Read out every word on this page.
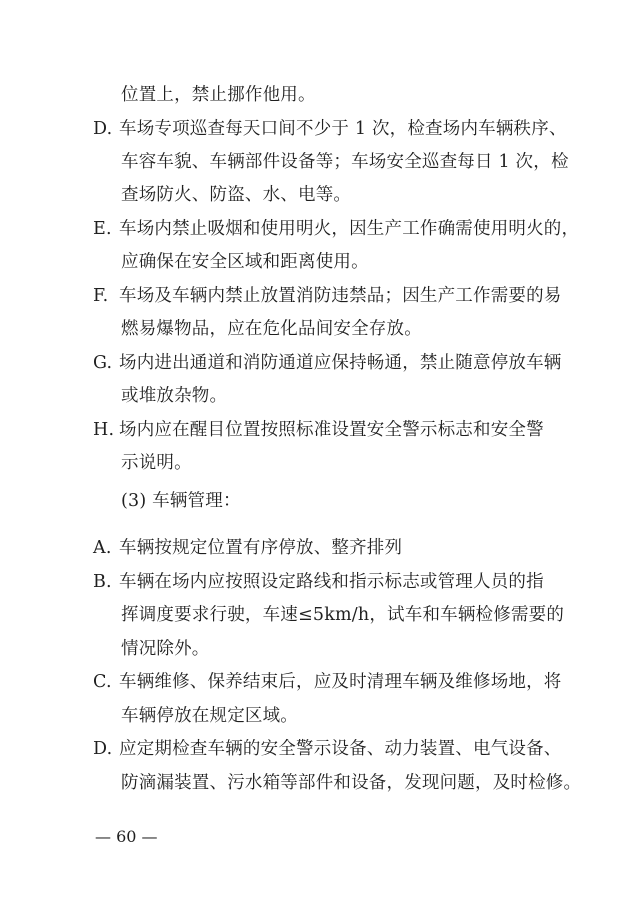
位置上，禁止挪作他用。
D. 车场专项巡查每天口间不少于 1 次，检查场内车辆秩序、
车容车貌、车辆部件设备等；车场安全巡查每日 1 次，检
查场防火、防盗、水、电等。
E. 车场内禁止吸烟和使用明火，因生产工作确需使用明火的，
应确保在安全区域和距离使用。
F. 车场及车辆内禁止放置消防违禁品；因生产工作需要的易
燃易爆物品，应在危化品间安全存放。
G. 场内进出通道和消防通道应保持畅通，禁止随意停放车辆
或堆放杂物。
H. 场内应在醒目位置按照标准设置安全警示标志和安全警
示说明。
(3) 车辆管理：
A. 车辆按规定位置有序停放、整齐排列
B. 车辆在场内应按照设定路线和指示标志或管理人员的指
挥调度要求行驶，车速≤5km/h，试车和车辆检修需要的
情况除外。
C. 车辆维修、保养结束后，应及时清理车辆及维修场地，将
车辆停放在规定区域。
D. 应定期检查车辆的安全警示设备、动力装置、电气设备、
防滴漏装置、污水箱等部件和设备，发现问题，及时检修。
— 60 —
